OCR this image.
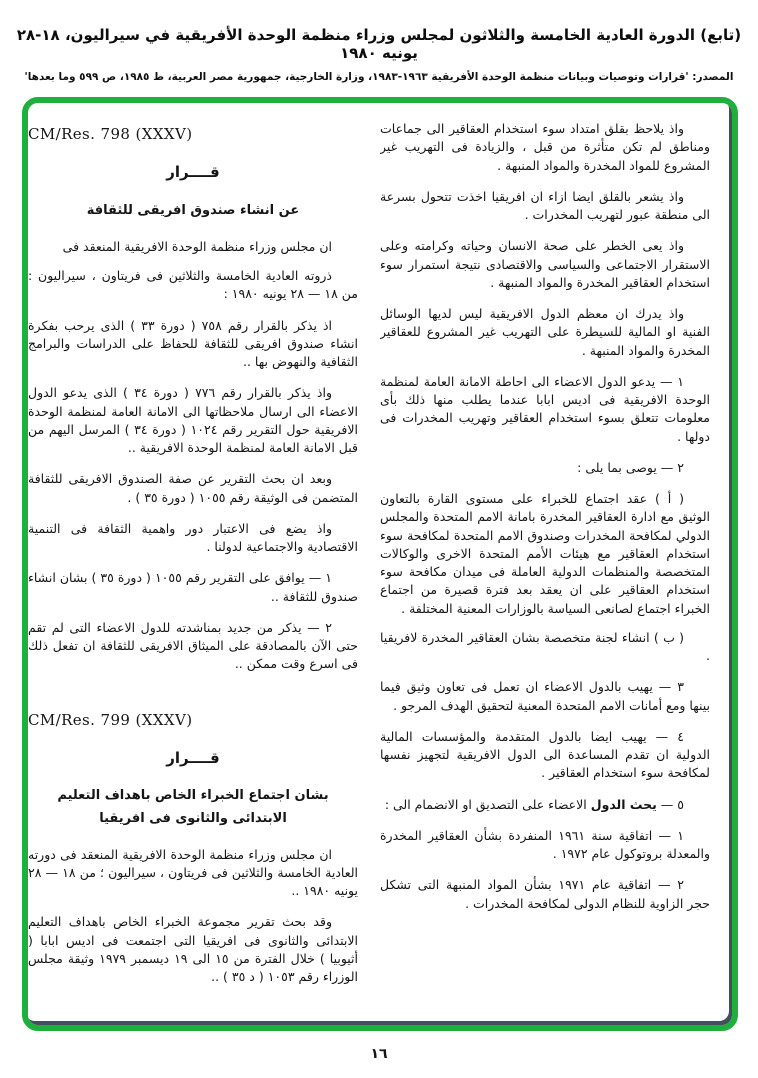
(تابع) الدورة العادية الخامسة والثلاثون لمجلس وزراء منظمة الوحدة الأفريقية في سيراليون، ١٨-٢٨ يونيه ١٩٨٠
المصدر: 'قرارات وتوصيات وبيانات منظمة الوحدة الأفريقية ١٩٦٣-١٩٨٣، وزارة الخارجية، جمهورية مصر العربية، ط ١٩٨٥، ص ٥٩٩ وما بعدها'

واذ يلاحظ بقلق امتداد سوء استخدام العقاقير الى جماعات ومناطق لم تكن متأثرة من قبل ، والزيادة فى التهريب غير المشروع للمواد المخدرة والمواد المنبهة .

واذ يشعر بالقلق ايضا ازاء ان افريقيا اخذت تتحول بسرعة الى منطقة عبور لتهريب المخدرات .

واذ يعى الخطر على صحة الانسان وحياته وكرامته وعلى الاستقرار الاجتماعى والسياسى والاقتصادى نتيجة استمرار سوء استخدام العقاقير المخدرة والمواد المنبهة .

واذ يدرك ان معظم الدول الافريقية ليس لديها الوسائل الفنية او المالية للسيطرة على التهريب غير المشروع للعقاقير المخدرة والمواد المنبهة .

١ — يدعو الدول الاعضاء الى احاطة الامانة العامة لمنظمة الوحدة الافريقية فى اديس ابابا عندما يطلب منها ذلك بأى معلومات تتعلق بسوء استخدام العقاقير وتهريب المخدرات فى دولها .

٢ — يوصى بما يلى :

( أ ) عقد اجتماع للخبراء على مستوى القارة بالتعاون الوثيق مع ادارة العقاقير المخدرة بامانة الامم المتحدة والمجلس الدولي لمكافحة المخدرات وصندوق الامم المتحدة لمكافحة سوء استخدام العقاقير مع هيئات الأمم المتحدة الاخرى والوكالات المتخصصة والمنظمات الدولية العاملة فى ميدان مكافحة سوء استخدام العقاقير على ان يعقد بعد فترة قصيرة من اجتماع الخبراء اجتماع لصانعى السياسة بالوزارات المعنية المختلفة .

( ب ) انشاء لجنة متخصصة بشان العقاقير المخدرة لافريقيا .

٣ — يهيب بالدول الاعضاء ان تعمل فى تعاون وثيق فيما بينها ومع أمانات الامم المتحدة المعنية لتحقيق الهدف المرجو .

٤ — يهيب ايضا بالدول المتقدمة والمؤسسات المالية الدولية ان تقدم المساعدة الى الدول الافريقية لتجهيز نفسها لمكافحة سوء استخدام العقاقير .

٥ — يحث الدول الاعضاء على التصديق او الانضمام الى :

١ — اتفاقية سنة ١٩٦١ المنفردة بشأن العقاقير المخدرة والمعدلة بروتوكول عام ١٩٧٢ .

٢ — اتفاقية عام ١٩٧١ بشأن المواد المنبهة التى تشكل حجر الزاوية للنظام الدولى لمكافحة المخدرات .

CM/Res. 798 (XXXV)
قــــرار
عن انشاء صندوق افريقى للثقافة

ان مجلس وزراء منظمة الوحدة الافريقية المنعقد فى

ذروته العادية الخامسة والثلاثين فى فريتاون ، سيراليون : من ١٨ — ٢٨ يونيه ١٩٨٠ :

اذ يذكر بالقرار رقم ٧٥٨ ( دورة ٣٣ ) الذى يرحب بفكرة انشاء صندوق افريقى للثقافة للحفاظ على الدراسات والبرامج الثقافية والنهوض بها ..

واذ يذكر بالقرار رقم ٧٧٦ ( دورة ٣٤ ) الذى يدعو الدول الاعضاء الى ارسال ملاحظاتها الى الامانة العامة لمنظمة الوحدة الافريقية حول التقرير رقم ١٠٢٤ ( دورة ٣٤ ) المرسل اليهم من قبل الامانة العامة لمنظمة الوحدة الافريقية ..

وبعد ان بحث التقرير عن صفة الصندوق الافريقى للثقافة المتضمن فى الوثيقة رقم ١٠٥٥ ( دورة ٣٥ ) .

واذ يضع فى الاعتبار دور واهمية الثقافة فى التنمية الاقتصادية والاجتماعية لدولنا .

١ — يوافق على التقرير رقم ١٠٥٥ ( دورة ٣٥ ) بشان انشاء صندوق للثقافة ..

٢ — يذكر من جديد بمناشدته للدول الاعضاء التى لم تقم حتى الآن بالمصادقة على الميثاق الافريقى للثقافة ان تفعل ذلك فى اسرع وقت ممكن ..

CM/Res. 799 (XXXV)
قــــرار
بشان اجتماع الخبراء الخاص باهداف التعليم
الابتدائى والثانوى فى افريقيا

ان مجلس وزراء منظمة الوحدة الافريقية المنعقد فى دورته العادية الخامسة والثلاثين فى فريتاون ، سيراليون ؛ من ١٨ — ٢٨ يونيه ١٩٨٠ ..

وقد بحث تقرير مجموعة الخبراء الخاص باهداف التعليم الابتدائى والثانوى فى افريقيا التى اجتمعت فى اديس ابابا ( أثيوبيا ) خلال الفترة من ١٥ الى ١٩ ديسمبر ١٩٧٩ وثيقة مجلس الوزراء رقم ١٠٥٣ ( د ٣٥ ) ..

١٦
